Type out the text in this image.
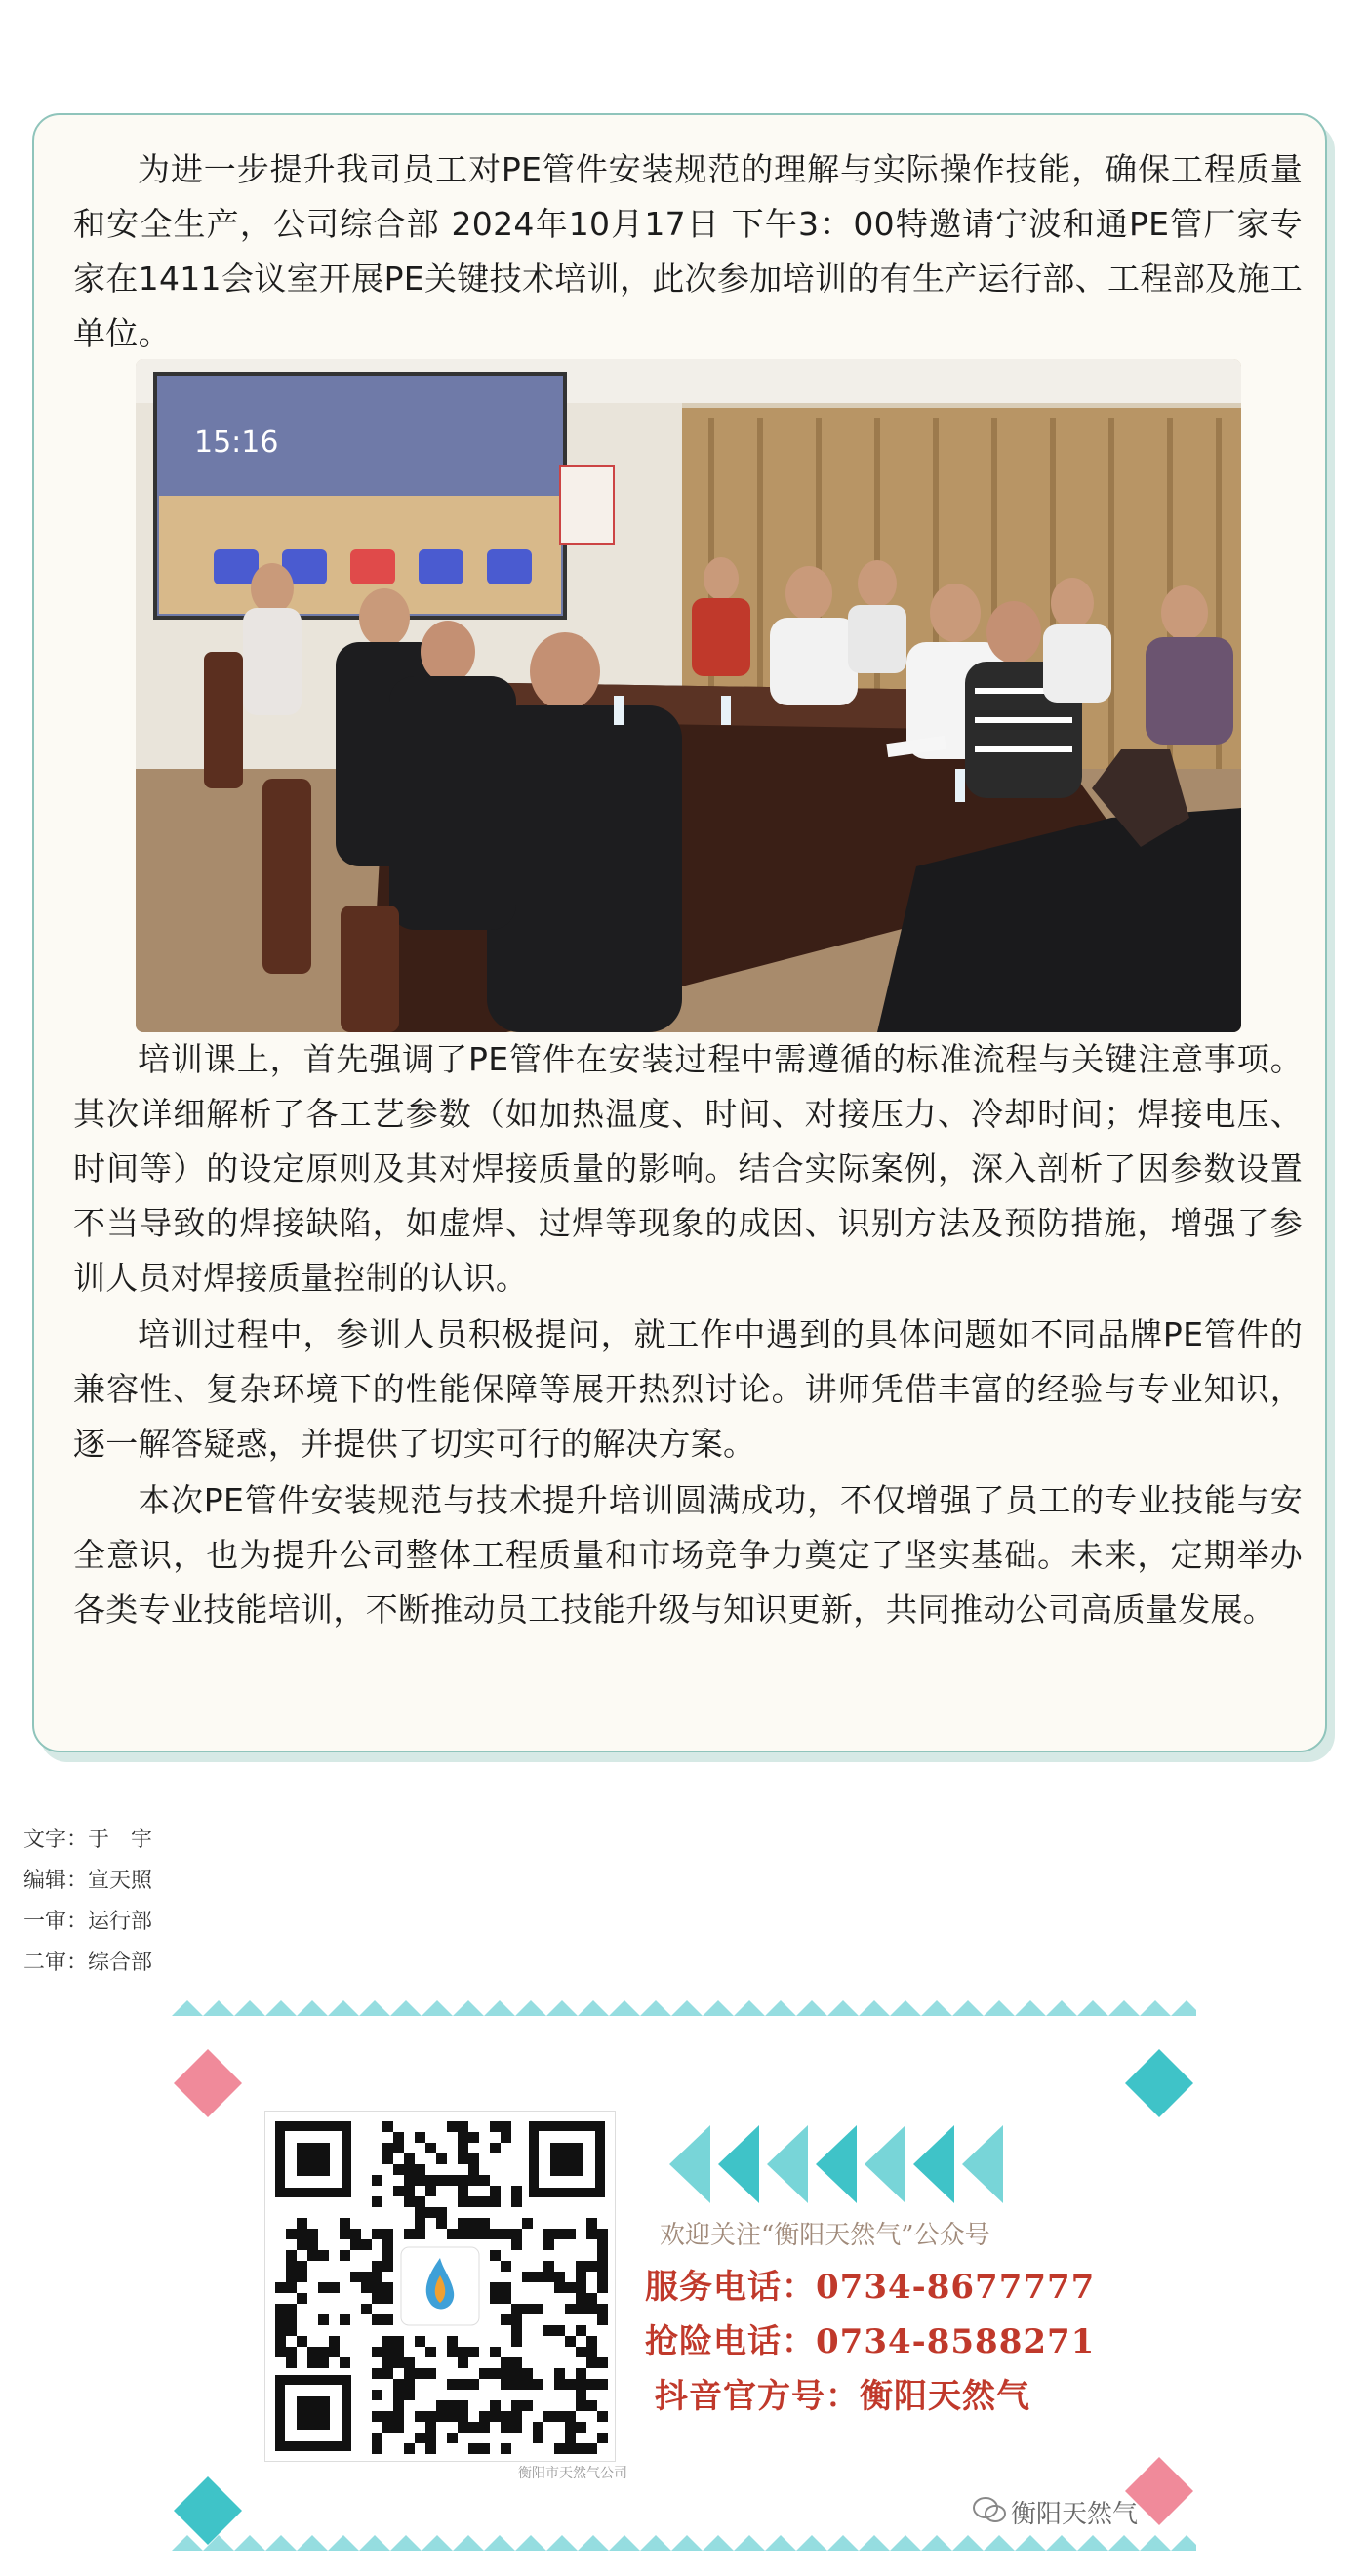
为进一步提升我司员工对PE管件安装规范的理解与实际操作技能，确保工程质量和安全生产，公司综合部 2024年10月17日 下午3：00特邀请宁波和通PE管厂家专家在1411会议室开展PE关键技术培训，此次参加培训的有生产运行部、工程部及施工单位。

15:16

培训课上，首先强调了PE管件在安装过程中需遵循的标准流程与关键注意事项。其次详细解析了各工艺参数（如加热温度、时间、对接压力、冷却时间；焊接电压、时间等）的设定原则及其对焊接质量的影响。结合实际案例，深入剖析了因参数设置不当导致的焊接缺陷，如虚焊、过焊等现象的成因、识别方法及预防措施，增强了参训人员对焊接质量控制的认识。

培训过程中，参训人员积极提问，就工作中遇到的具体问题如不同品牌PE管件的兼容性、复杂环境下的性能保障等展开热烈讨论。讲师凭借丰富的经验与专业知识，逐一解答疑惑，并提供了切实可行的解决方案。

本次PE管件安装规范与技术提升培训圆满成功，不仅增强了员工的专业技能与安全意识，也为提升公司整体工程质量和市场竞争力奠定了坚实基础。未来，定期举办各类专业技能培训，不断推动员工技能升级与知识更新，共同推动公司高质量发展。

文字：于　宇
编辑：宣天照
一审：运行部
二审：综合部
衡阳市天然气公司
欢迎关注“衡阳天然气”公众号
服务电话：0734-8677777
抢险电话：0734-8588271
抖音官方号：衡阳天然气
衡阳天然气
